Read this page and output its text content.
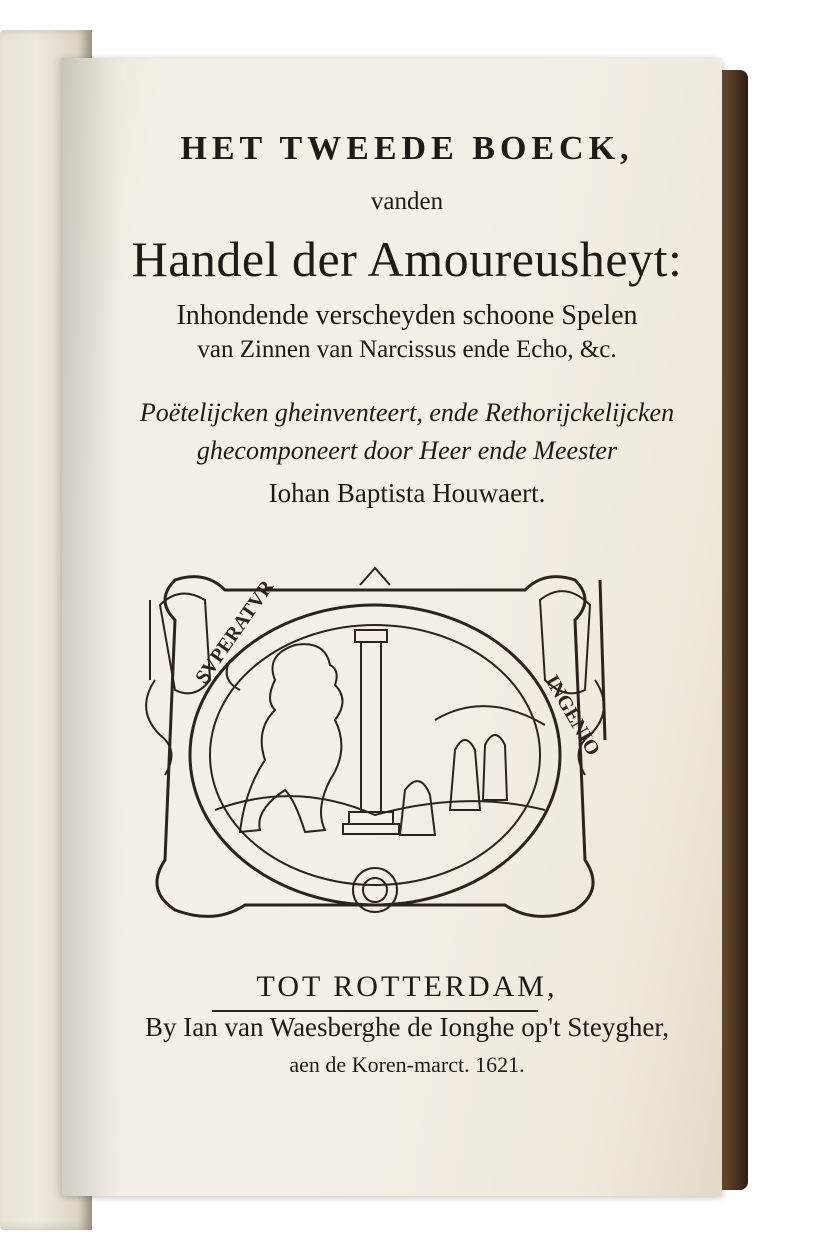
HET TWEEDE BOECK,

vanden

Handel der Amoureusheyt:

Inhondende verscheyden schoone Spelen

van Zinnen van Narcissus ende Echo, &c.

Poëtelijcken gheinventeert, ende Rethorijckelijcken

ghecomponeert door Heer ende Meester

Iohan Baptista Houwaert.

SVPERATVR
INGENIO

TOT ROTTERDAM,

By Ian van Waesberghe de Ionghe op't Steygher,

aen de Koren-marct. 1621.
